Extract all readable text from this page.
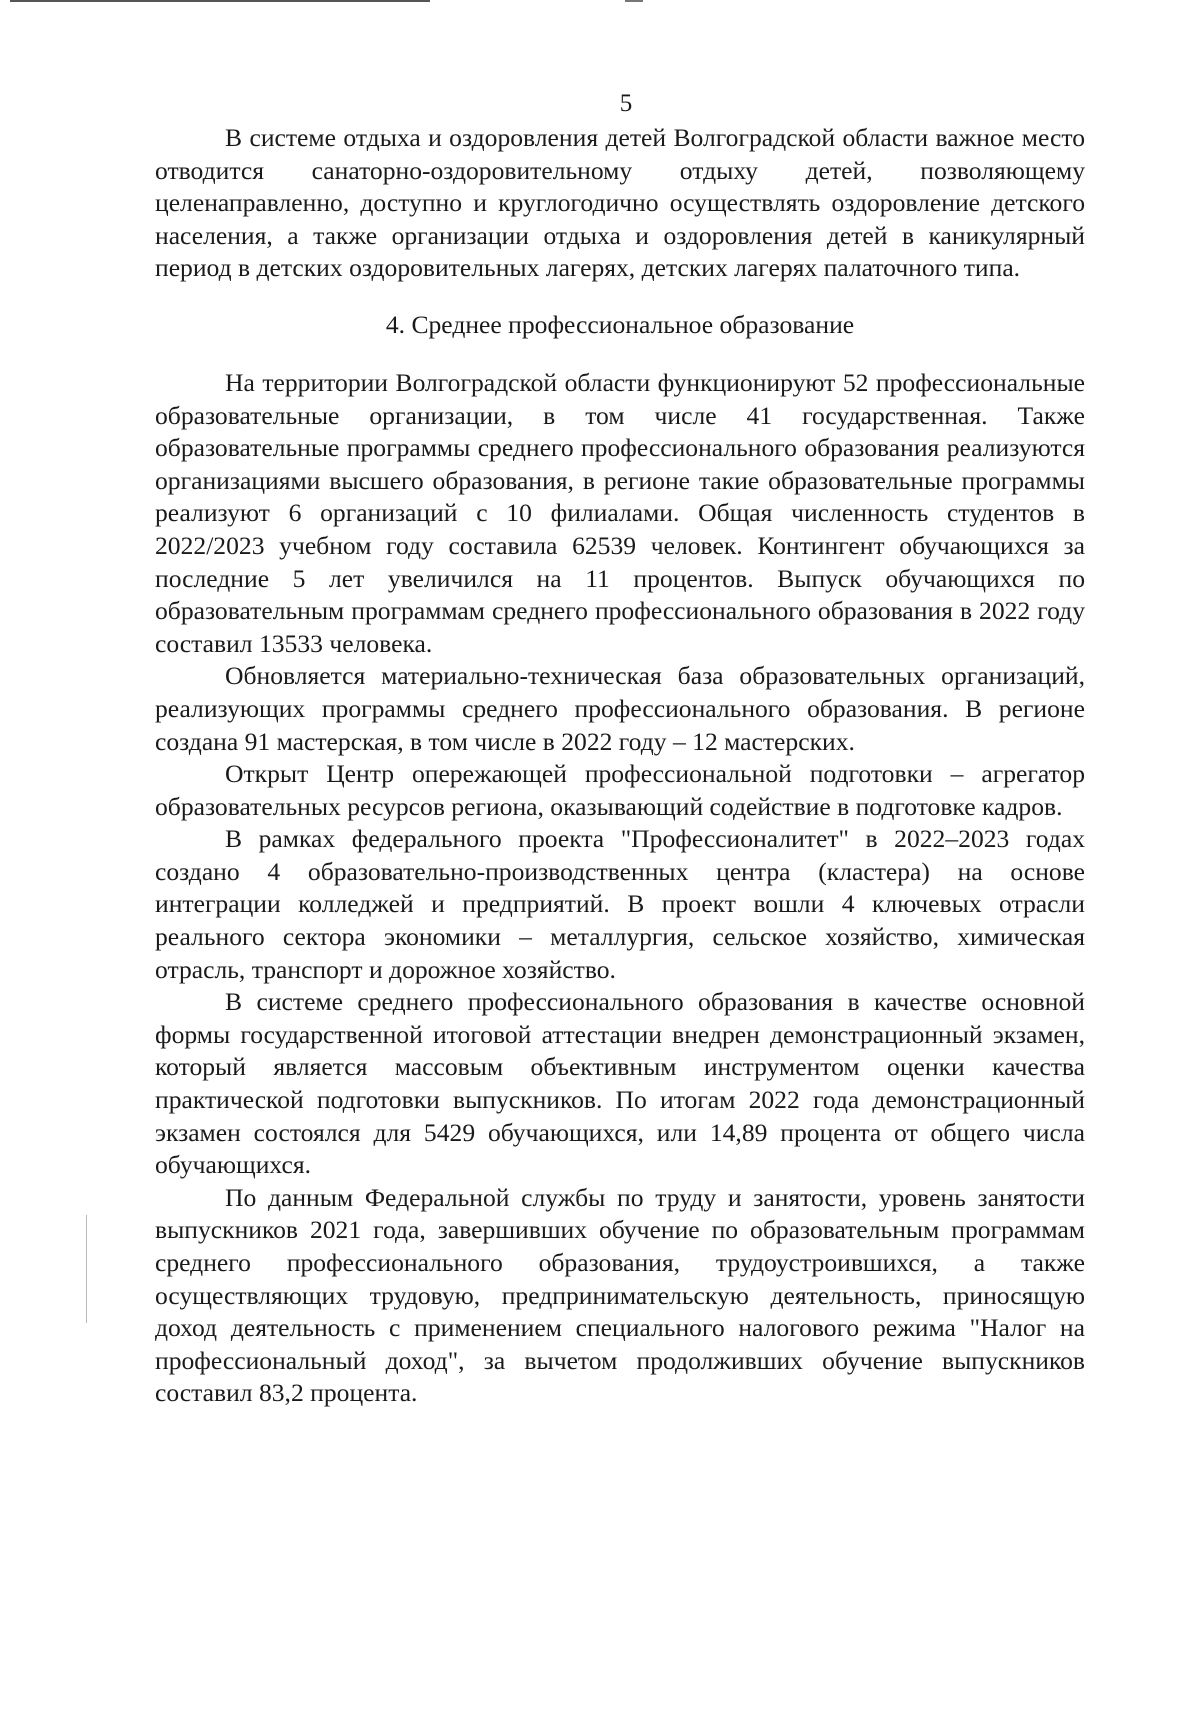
5

В системе отдыха и оздоровления детей Волгоградской области важное место отводится санаторно-оздоровительному отдыху детей, позволяющему целенаправленно, доступно и круглогодично осуществлять оздоровление детского населения, а также организации отдыха и оздоровления детей в каникулярный период в детских оздоровительных лагерях, детских лагерях палаточного типа.

4. Среднее профессиональное образование

На территории Волгоградской области функционируют 52 профессиональные образовательные организации, в том числе 41 государственная. Также образовательные программы среднего профессионального образования реализуются организациями высшего образования, в регионе такие образовательные программы реализуют 6 организаций с 10 филиалами. Общая численность студентов в 2022/2023 учебном году составила 62539 человек. Контингент обучающихся за последние 5 лет увеличился на 11 процентов. Выпуск обучающихся по образовательным программам среднего профессионального образования в 2022 году составил 13533 человека.

Обновляется материально-техническая база образовательных организаций, реализующих программы среднего профессионального образования. В регионе создана 91 мастерская, в том числе в 2022 году – 12 мастерских.

Открыт Центр опережающей профессиональной подготовки – агрегатор образовательных ресурсов региона, оказывающий содействие в подготовке кадров.

В рамках федерального проекта "Профессионалитет" в 2022–2023 годах создано 4 образовательно-производственных центра (кластера) на основе интеграции колледжей и предприятий. В проект вошли 4 ключевых отрасли реального сектора экономики – металлургия, сельское хозяйство, химическая отрасль, транспорт и дорожное хозяйство.

В системе среднего профессионального образования в качестве основной формы государственной итоговой аттестации внедрен демонстрационный экзамен, который является массовым объективным инструментом оценки качества практической подготовки выпускников. По итогам 2022 года демонстрационный экзамен состоялся для 5429 обучающихся, или 14,89 процента от общего числа обучающихся.

По данным Федеральной службы по труду и занятости, уровень занятости выпускников 2021 года, завершивших обучение по образовательным программам среднего профессионального образования, трудоустроившихся, а также осуществляющих трудовую, предпринимательскую деятельность, приносящую доход деятельность с применением специального налогового режима "Налог на профессиональный доход", за вычетом продолживших обучение выпускников составил 83,2 процента.
